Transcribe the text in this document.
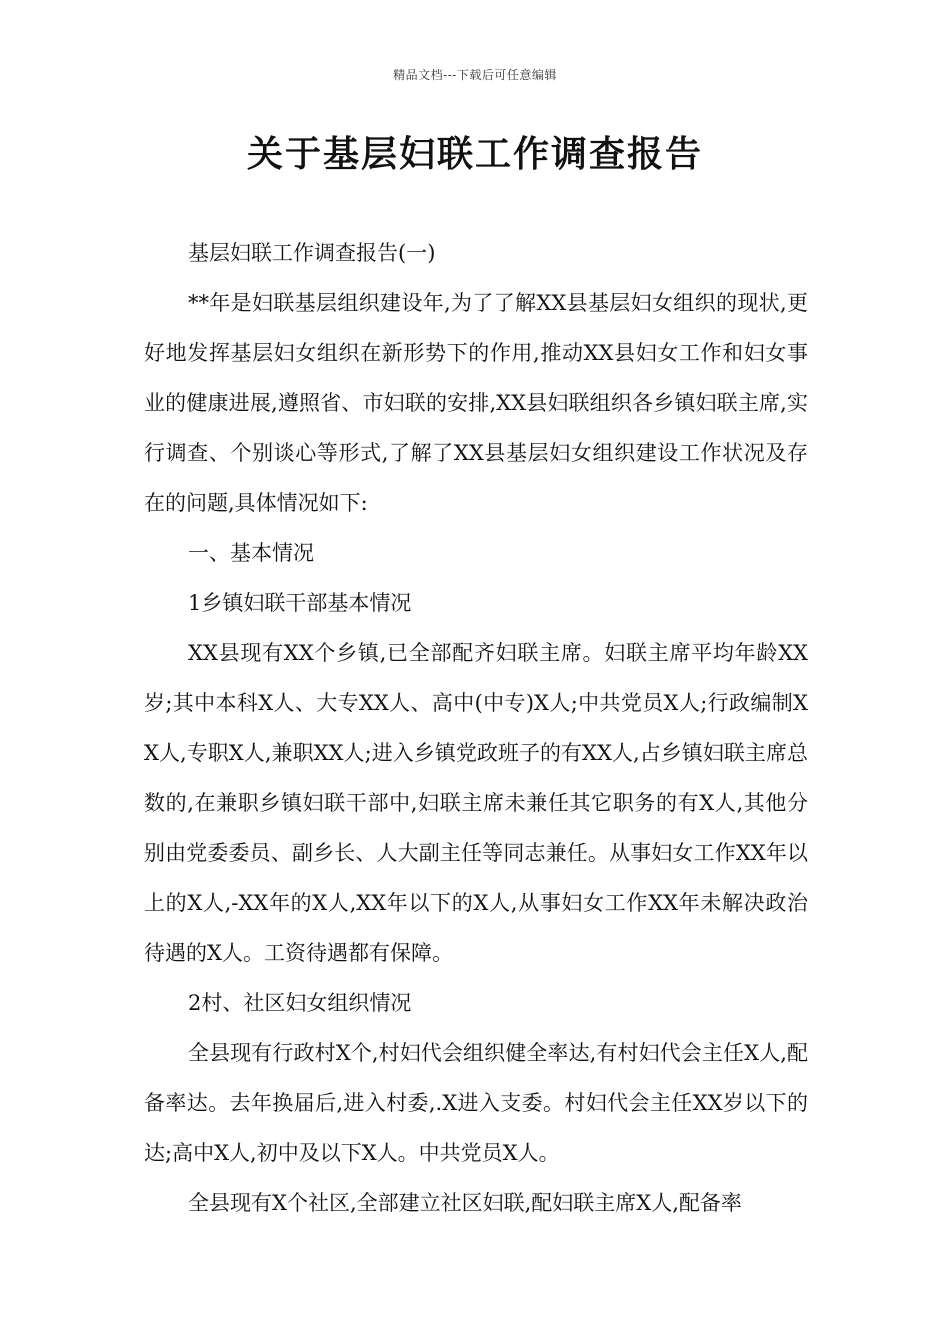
精品文档---下载后可任意编辑
关于基层妇联工作调查报告

基层妇联工作调查报告(一)

**年是妇联基层组织建设年,为了了解XX县基层妇女组织的现状,更好地发挥基层妇女组织在新形势下的作用,推动XX县妇女工作和妇女事业的健康进展,遵照省、市妇联的安排,XX县妇联组织各乡镇妇联主席,实行调查、个别谈心等形式,了解了XX县基层妇女组织建设工作状况及存在的问题,具体情况如下:

一、基本情况

1乡镇妇联干部基本情况

XX县现有XX个乡镇,已全部配齐妇联主席。妇联主席平均年龄XX岁;其中本科X人、大专XX人、高中(中专)X人;中共党员X人;行政编制XX人,专职X人,兼职XX人;进入乡镇党政班子的有XX人,占乡镇妇联主席总数的,在兼职乡镇妇联干部中,妇联主席未兼任其它职务的有X人,其他分别由党委委员、副乡长、人大副主任等同志兼任。从事妇女工作XX年以上的X人,-XX年的X人,XX年以下的X人,从事妇女工作XX年未解决政治待遇的X人。工资待遇都有保障。

2村、社区妇女组织情况

全县现有行政村X个,村妇代会组织健全率达,有村妇代会主任X人,配备率达。去年换届后,进入村委,.X进入支委。村妇代会主任XX岁以下的达;高中X人,初中及以下X人。中共党员X人。

全县现有X个社区,全部建立社区妇联,配妇联主席X人,配备率
